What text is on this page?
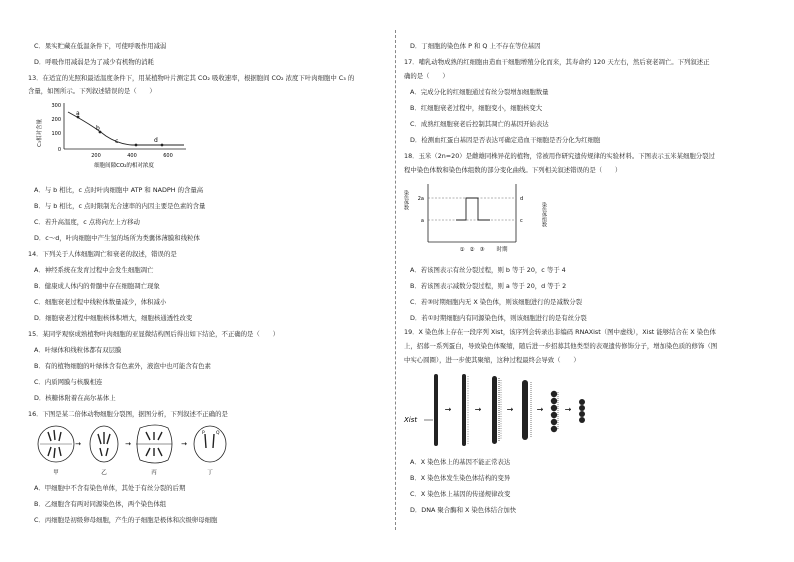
C．果实贮藏在低温条件下，可使呼吸作用减弱
D．呼吸作用减弱是为了减少有机物的消耗
13．在适宜的光照和最适温度条件下，用某植物叶片测定其 CO₂ 吸收速率，根据胞间 CO₂ 浓度下叶肉细胞中 C₃ 的
含量，如图所示。下列叙述错误的是（　　）
C₃相对含量
300
200
100
0
200	400	600
细胞间隙CO₂的相对浓度
a
b
c	d
A．与 b 相比，c 点时叶肉细胞中 ATP 和 NADPH 的含量高
B．与 b 相比，c 点时限制光合速率的内因主要是色素的含量
C．若升高温度，c 点将向左上方移动
D．c～d，叶肉细胞中产生氢的场所为类囊体薄膜和线粒体
14．下列关于人体细胞凋亡和衰老的叙述，错误的是
A．神经系统在发育过程中会发生细胞凋亡
B．健康成人体内的骨髓中存在细胞凋亡现象
C．细胞衰老过程中线粒体数量减少，体积减小
D．细胞衰老过程中细胞核体积增大，细胞核通透性改变
15．某同学观察成熟植物叶肉细胞的亚显微结构图后得出如下结论，不正确的是（　　）
A．叶绿体和线粒体都有双层膜
B．有的植物细胞的叶绿体含有色素外，液泡中也可能含有色素
C．内质网膜与核膜相连
D．核糖体附着在高尔基体上
16．下图是某二倍体动物细胞分裂图，据图分析，下列叙述不正确的是
甲
→
乙
→
丙
→
P	Q
丁
A．甲细胞中不含有染色单体，其处于有丝分裂的后期
B．乙细胞含有两对同源染色体，两个染色体组
C．丙细胞是初级卵母细胞，产生的子细胞是极体和次级卵母细胞
D．丁细胞的染色体 P 和 Q 上不存在等位基因
17．哺乳动物成熟的红细胞由造血干细胞增殖分化而来，其寿命约 120 天左右，然后衰老凋亡。下列叙述正
确的是（　　）
A．完成分化的红细胞通过有丝分裂增加细胞数量
B．红细胞衰老过程中，细胞变小，细胞核变大
C．成熟红细胞衰老后控制其凋亡的基因开始表达
D．检测血红蛋白基因是否表达可确定造血干细胞是否分化为红细胞
18．玉米（2n=20）是雌雄同株异花的植物，常被用作研究遗传规律的实验材料。下图表示玉米某细胞分裂过
程中染色体数和染色体组数的部分变化曲线。下列相关叙述错误的是（　　）
染色体数
染色体组数
2a
a
d
c
① ② ③ 时期
A．若该图表示有丝分裂过程，则 b 等于 20，c 等于 4
B．若该图表示减数分裂过程，则 a 等于 20，d 等于 2
C．若③时期细胞内无 X 染色体，则该细胞进行的是减数分裂
D．若①时期细胞内有同源染色体，则该细胞进行的是有丝分裂
19．X 染色体上存在一段序列 Xist，该序列会转录出非编码 RNAXist（图中虚线），Xist 能够结合在 X 染色体
上，招募一系列蛋白，导致染色体聚缩，随后进一步招募其他类型的表观遗传修饰分子，增加染色质的修饰（图
中实心圆圈），进一步使其聚缩，这种过程最终会导致（　　）
Xist
→	→	→	→	→
A．X 染色体上的基因不能正常表达
B．X 染色体发生染色体结构的变异
C．X 染色体上基因的传递规律改变
D．DNA 聚合酶和 X 染色体结合加快
